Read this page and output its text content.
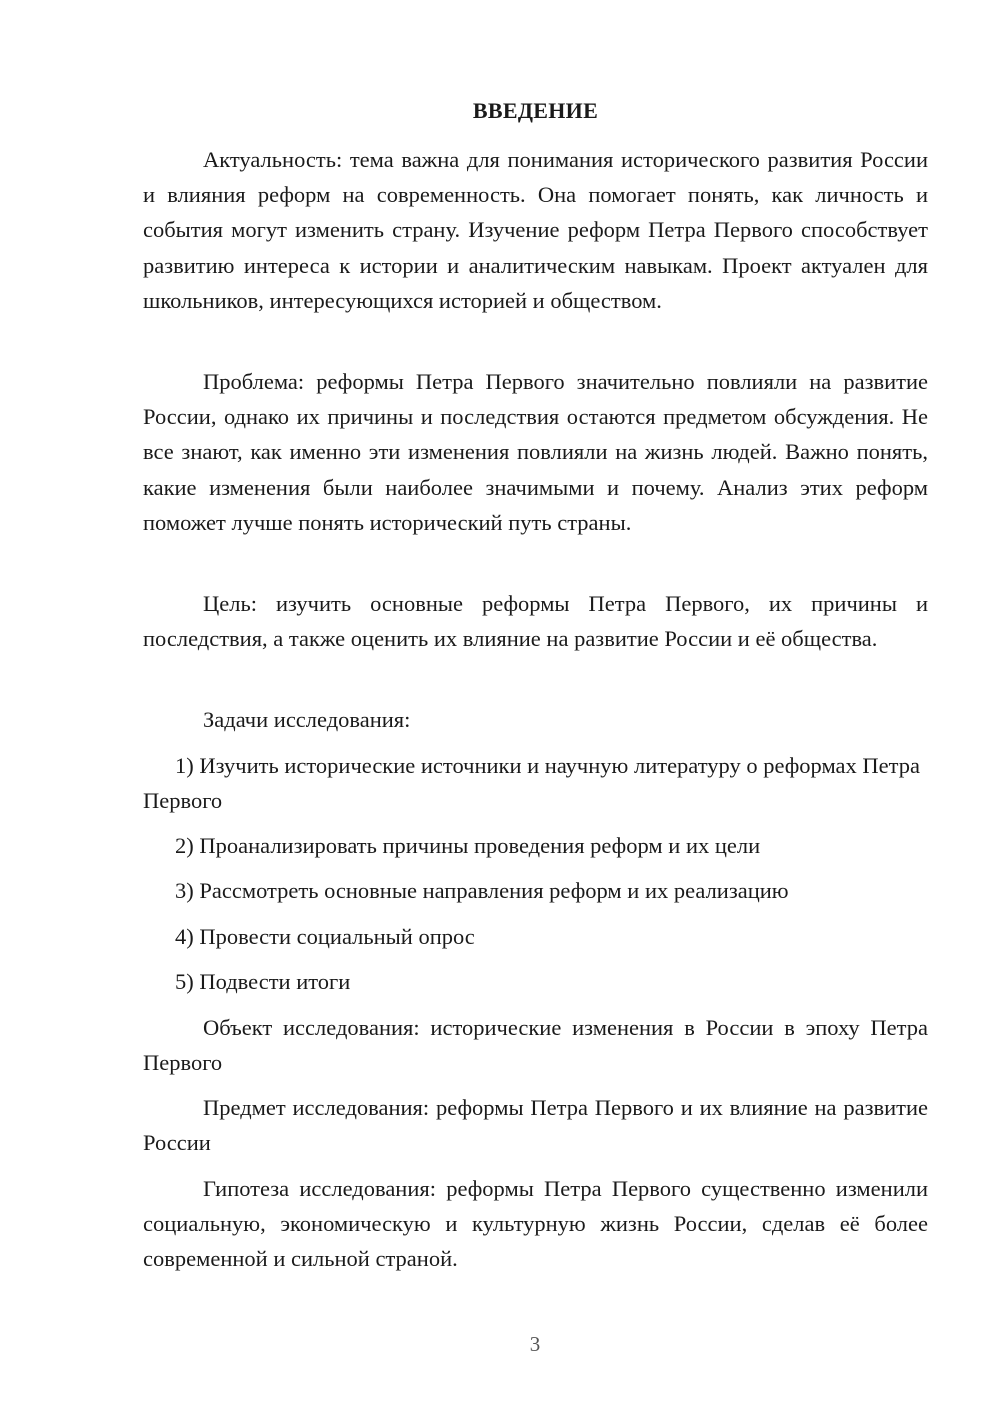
ВВЕДЕНИЕ

Актуальность: тема важна для понимания исторического развития России и влияния реформ на современность. Она помогает понять, как личность и события могут изменить страну. Изучение реформ Петра Первого способствует развитию интереса к истории и аналитическим навыкам. Проект актуален для школьников, интересующихся историей и обществом.

Проблема: реформы Петра Первого значительно повлияли на развитие России, однако их причины и последствия остаются предметом обсуждения. Не все знают, как именно эти изменения повлияли на жизнь людей. Важно понять, какие изменения были наиболее значимыми и почему. Анализ этих реформ поможет лучше понять исторический путь страны.

Цель: изучить основные реформы Петра Первого, их причины и последствия, а также оценить их влияние на развитие России и её общества.

Задачи исследования:

1) Изучить исторические источники и научную литературу о реформах Петра Первого

2) Проанализировать причины проведения реформ и их цели

3) Рассмотреть основные направления реформ и их реализацию

4) Провести социальный опрос

5) Подвести итоги

Объект исследования: исторические изменения в России в эпоху Петра Первого

Предмет исследования: реформы Петра Первого и их влияние на развитие России

Гипотеза исследования: реформы Петра Первого существенно изменили социальную, экономическую и культурную жизнь России, сделав её более современной и сильной страной.

3
